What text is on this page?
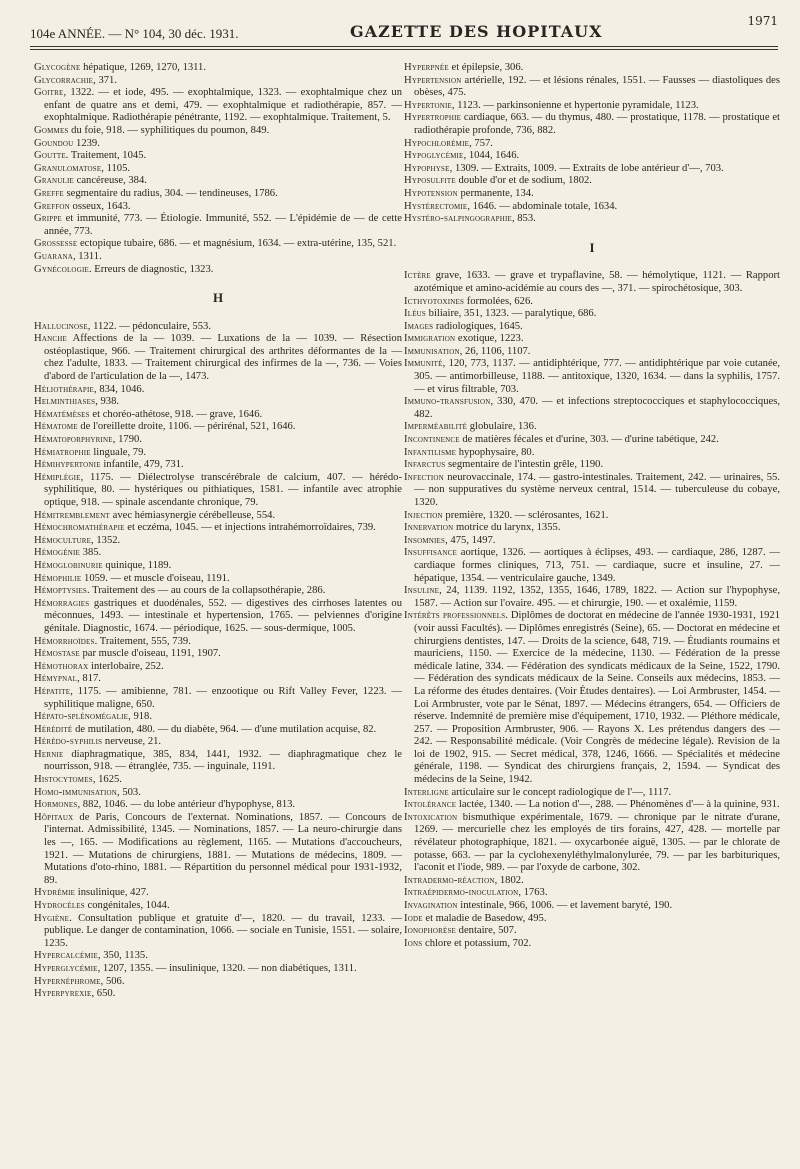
104e ANNÉE. — N° 104, 30 déc. 1931.	GAZETTE DES HOPITAUX
1971

Glycogène hépatique, 1269, 1270, 1311.

Glycorrachie, 371.

Goitre, 1322. — et iode, 495. — exophtalmique, 1323. — exophtalmique chez un enfant de quatre ans et demi, 479. — exophtalmique et radiothérapie, 857. — exophtalmique. Radiothérapie pénétrante, 1192. — exophtalmique. Traitement, 5.

Gommes du foie, 918. — syphilitiques du poumon, 849.

Goundou 1239.

Goutte. Traitement, 1045.

Granulomatose, 1105.

Granulie cancéreuse, 384.

Greffe segmentaire du radius, 304. — tendineuses, 1786.

Greffon osseux, 1643.

Grippe et immunité, 773. — Étiologie. Immunité, 552. — L'épidémie de — de cette année, 773.

Grossesse ectopique tubaire, 686. — et magnésium, 1634. — extra-utérine, 135, 521.

Guarana, 1311.

Gynécologie. Erreurs de diagnostic, 1323.

H

Hallucinose, 1122. — pédonculaire, 553.

Hanche Affections de la — 1039. — Luxations de la — 1039. — Résection ostéoplastique, 966. — Traitement chirurgical des arthrites déformantes de la — chez l'adulte, 1833. — Traitement chirurgical des infirmes de la —, 736. — Voies d'abord de l'articulation de la —, 1473.

Héliothérapie, 834, 1046.

Helminthiases, 938.

Hématémèses et choréo-athétose, 918. — grave, 1646.

Hématome de l'oreillette droite, 1106. — périrénal, 521, 1646.

Hématoporphyrine, 1790.

Hémiatrophie linguale, 79.

Hémihypertonie infantile, 479, 731.

Hémiplégie, 1175. — Diélectrolyse transcérébrale de calcium, 407. — hérédo-syphilitique, 80. — hystériques ou pithiatiques, 1581. — infantile avec atrophie optique, 918. — spinale ascendante chronique, 79.

Hémitremblement avec hémiasynergie cérébelleuse, 554.

Hémochromathérapie et eczéma, 1045. — et injections intrahémorroïdaires, 739.

Hémoculture, 1352.

Hémogénie 385.

Hémoglobinurie quinique, 1189.

Hémophilie 1059. — et muscle d'oiseau, 1191.

Hémoptysies. Traitement des — au cours de la collapsothérapie, 286.

Hémorragies gastriques et duodénales, 552. — digestives des cirrhoses latentes ou méconnues, 1493. — intestinale et hypertension, 1765. — pelviennes d'origine génitale. Diagnostic, 1674. — périodique, 1625. — sous-dermique, 1005.

Hémorrhoïdes. Traitement, 555, 739.

Hémostase par muscle d'oiseau, 1191, 1907.

Hémothorax interlobaire, 252.

Hémypnal, 817.

Hépatite, 1175. — amibienne, 781. — enzootique ou Rift Valley Fever, 1223. — syphilitique maligne, 650.

Hépato-splénomégalie, 918.

Hérédité de mutilation, 480. — du diabète, 964. — d'une mutilation acquise, 82.

Hérédo-syphilis nerveuse, 21.

Hernie diaphragmatique, 385, 834, 1441, 1932. — diaphragmatique chez le nourrisson, 918. — étranglée, 735. — inguinale, 1191.

Histocytomes, 1625.

Homo-immunisation, 503.

Hormones, 882, 1046. — du lobe antérieur d'hypophyse, 813.

Hôpitaux de Paris, Concours de l'externat. Nominations, 1857. — Concours de l'internat. Admissibilité, 1345. — Nominations, 1857. — La neuro-chirurgie dans les —, 165. — Modifications au règlement, 1165. — Mutations d'accoucheurs, 1921. — Mutations de chirurgiens, 1881. — Mutations de médecins, 1809. — Mutations d'oto-rhino, 1881. — Répartition du personnel médical pour 1931-1932, 89.

Hydrémie insulinique, 427.

Hydrocèles congénitales, 1044.

Hygiène. Consultation publique et gratuite d'—, 1820. — du travail, 1233. — publique. Le danger de contamination, 1066. — sociale en Tunisie, 1551. — solaire, 1235.

Hypercalcémie, 350, 1135.

Hyperglycémie, 1207, 1355. — insulinique, 1320. — non diabétiques, 1311.

Hypernéphrome, 506.

Hyperpyrexie, 650.

Hyperpnée et épilepsie, 306.

Hypertension artérielle, 192. — et lésions rénales, 1551. — Fausses — diastoliques des obèses, 475.

Hypertonie, 1123. — parkinsonienne et hypertonie pyramidale, 1123.

Hypertrophie cardiaque, 663. — du thymus, 480. — prostatique, 1178. — prostatique et radiothérapie profonde, 736, 882.

Hypochlorémie, 757.

Hypoglycémie, 1044, 1646.

Hypophyse, 1309. — Extraits, 1009. — Extraits de lobe antérieur d'—, 703.

Hyposulfite double d'or et de sodium, 1802.

Hypotension permanente, 134.

Hystérectomie, 1646. — abdominale totale, 1634.

Hystéro-salpingographie, 853.

I

Ictère grave, 1633. — grave et trypaflavine, 58. — hémolytique, 1121. — Rapport azotémique et amino-acidémie au cours des —, 371. — spirochétosique, 303.

Icthyotoxines formolées, 626.

Iléus biliaire, 351, 1323. — paralytique, 686.

Images radiologiques, 1645.

Immigration exotique, 1223.

Immunisation, 26, 1106, 1107.

Immunité, 120, 773, 1137. — antidiphtérique, 777. — antidiphtérique par voie cutanée, 305. — antimorbilleuse, 1188. — antitoxique, 1320, 1634. — dans la syphilis, 1757. — et virus filtrable, 703.

Immuno-transfusion, 330, 470. — et infections streptococciques et staphylococciques, 482.

Imperméabilité globulaire, 136.

Incontinence de matières fécales et d'urine, 303. — d'urine tabétique, 242.

Infantilisme hypophysaire, 80.

Infarctus segmentaire de l'intestin grêle, 1190.

Infection neurovaccinale, 174. — gastro-intestinales. Traitement, 242. — urinaires, 55. — non suppuratives du système nerveux central, 1514. — tuberculeuse du cobaye, 1320.

Injection première, 1320. — sclérosantes, 1621.

Innervation motrice du larynx, 1355.

Insomnies, 475, 1497.

Insuffisance aortique, 1326. — aortiques à éclipses, 493. — cardiaque, 286, 1287. — cardiaque formes cliniques, 713, 751. — cardiaque, sucre et insuline, 27. — hépatique, 1354. — ventriculaire gauche, 1349.

Insuline, 24, 1139. 1192, 1352, 1355, 1646, 1789, 1822. — Action sur l'hypophyse, 1587. — Action sur l'ovaire. 495. — et chirurgie, 190. — et oxalémie, 1159.

Intérêts professionnels. Diplômes de doctorat en médecine de l'année 1930-1931, 1921 (voir aussi Facultés). — Diplômes enregistrés (Seine), 65. — Doctorat en médecine et chirurgiens dentistes, 147. — Droits de la science, 648, 719. — Étudiants roumains et mauriciens, 1150. — Exercice de la médecine, 1130. — Fédération de la presse médicale latine, 334. — Fédération des syndicats médicaux de la Seine, 1522, 1790. — Fédération des syndicats médicaux de la Seine. Conseils aux médecins, 1853. — La réforme des études dentaires. (Voir Études dentaires). — Loi Armbruster, 1454. — Loi Armbruster, vote par le Sénat, 1897. — Médecins étrangers, 654. — Officiers de réserve. Indemnité de première mise d'équipement, 1710, 1932. — Pléthore médicale, 257. — Proposition Armbruster, 906. — Rayons X. Les prétendus dangers des — 242. — Responsabilité médicale. (Voir Congrès de médecine légale). Revision de la loi de 1902, 915. — Secret médical, 378, 1246, 1666. — Spécialités et médecine générale, 1198. — Syndicat des chirurgiens français, 2, 1594. — Syndicat des médecins de la Seine, 1942.

Interligne articulaire sur le concept radiologique de l'—, 1117.

Intolérance lactée, 1340. — La notion d'—, 288. — Phénomènes d'— à la quinine, 931.

Intoxication bismuthique expérimentale, 1679. — chronique par le nitrate d'urane, 1269. — mercurielle chez les employés de tirs forains, 427, 428. — mortelle par révélateur photographique, 1821. — oxycarbonée aiguë, 1305. — par le chlorate de potasse, 663. — par la cyclohexenyléthylmalonylurée, 79. — par les barbituriques, l'aconit et l'iode, 989. — par l'oxyde de carbone, 302.

Intradermo-réaction, 1802.

Intraépidermo-inoculation, 1763.

Invagination intestinale, 966, 1006. — et lavement baryté, 190.

Iode et maladie de Basedow, 495.

Ionophorèse dentaire, 507.

Ions chlore et potassium, 702.
